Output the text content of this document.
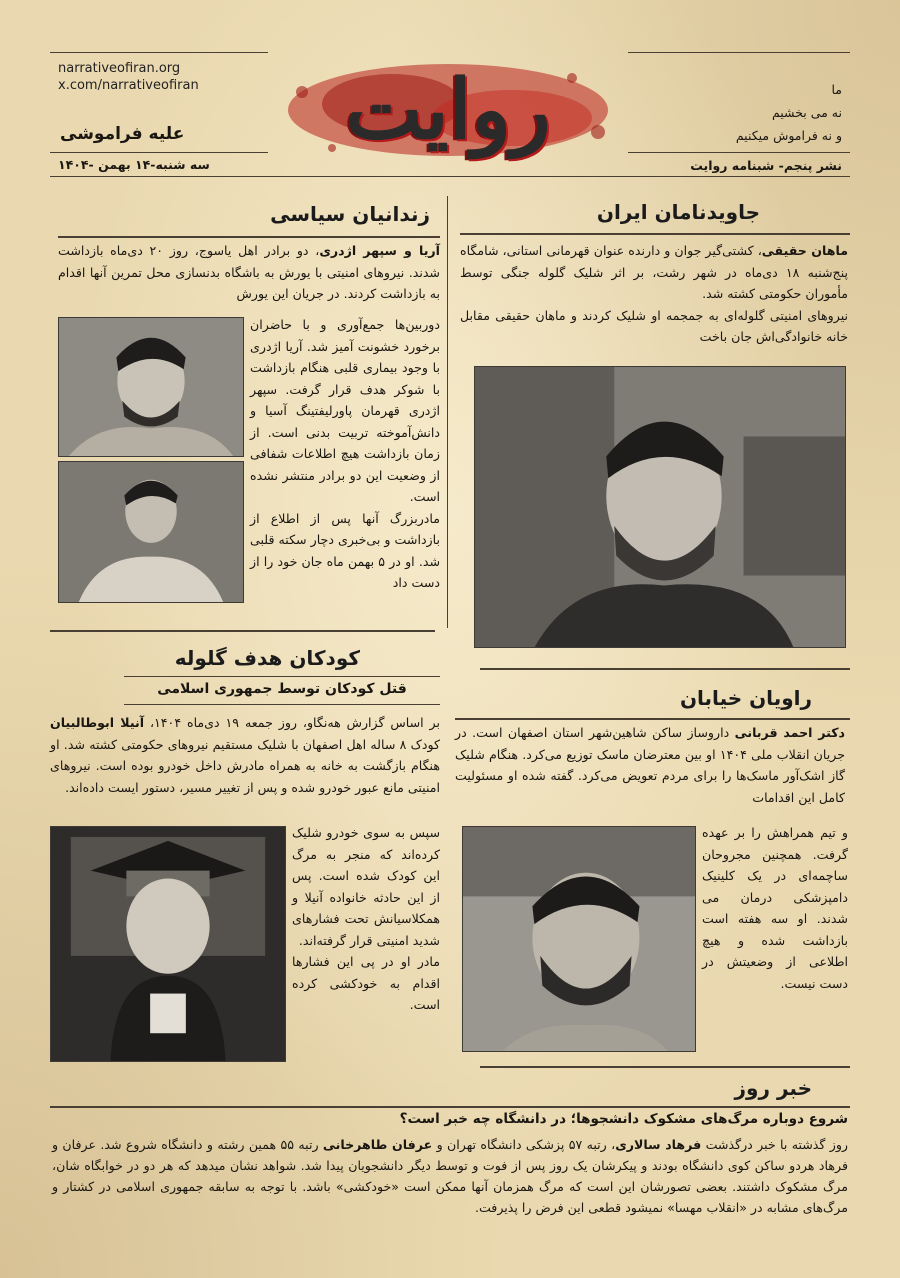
narrativeofiran.org
x.com/narrativeofiran
علیه فراموشی
سه شنبه-۱۴ بهمن -۱۴۰۴
روایت	ما
نه می بخشیم
و نه فراموش میکنیم
نشر پنجم- شبنامه روایت
جاویدنامان ایران
ماهان حقیقی، کشتی‌گیر جوان و دارنده عنوان قهرمانی استانی، شامگاه پنج‌شنبه ۱۸ دی‌ماه در شهر رشت، بر اثر شلیک گلوله جنگی توسط مأموران حکومتی کشته شد.
نیروهای امنیتی گلوله‌ای به جمجمه او شلیک کردند و ماهان حقیقی مقابل خانه خانوادگی‌اش جان باخت
زندانیان سیاسی
آریا و سپهر اژدری، دو برادر اهل یاسوج، روز ۲۰ دی‌ماه بازداشت شدند. نیروهای امنیتی با یورش به باشگاه بدنسازی محل تمرین آنها اقدام به بازداشت کردند. در جریان این یورش
دوربین‌ها جمع‌آوری و با حاضران برخورد خشونت آمیز شد. آریا اژدری با وجود بیماری قلبی هنگام بازداشت با شوکر هدف قرار گرفت. سپهر اژدری قهرمان پاورلیفتینگ آسیا و دانش‌آموخته تربیت بدنی است. از زمان بازداشت هیچ اطلاعات شفافی از وضعیت این دو برادر منتشر نشده است.
مادربزرگ آنها پس از اطلاع از بازداشت و بی‌خبری دچار سکته قلبی شد. او در ۵ بهمن ماه جان خود را از دست داد
کودکان هدف گلوله
قتل کودکان توسط جمهوری اسلامی
بر اساس گزارش هه‌نگاو، روز جمعه ۱۹ دی‌ماه ۱۴۰۴، آنیلا ابوطالبیان کودک ۸ ساله اهل اصفهان با شلیک مستقیم نیروهای حکومتی کشته شد. او هنگام بازگشت به خانه به همراه مادرش داخل خودرو بوده است. نیروهای امنیتی مانع عبور خودرو شده و پس از تغییر مسیر، دستور ایست داده‌اند.
سپس به سوی خودرو شلیک کرده‌اند که منجر به مرگ این کودک شده است. پس از این حادثه خانواده آنیلا و همکلاسیانش تحت فشارهای شدید امنیتی قرار گرفته‌اند.
مادر او در پی این فشارها اقدام به خودکشی کرده است.
راویان خیابان
دکتر احمد قربانی داروساز ساکن شاهین‌شهر استان اصفهان است. در جریان انقلاب ملی ۱۴۰۴ او بین معترضان ماسک توزیع می‌کرد. هنگام شلیک گاز اشک‌آور ماسک‌ها را برای مردم تعویض می‌کرد. گفته شده او مسئولیت کامل این اقدامات
و تیم همراهش را بر عهده گرفت. همچنین مجروحان ساچمه‌ای در یک کلینیک دامپزشکی درمان می شدند. او سه هفته است بازداشت شده و هیچ اطلاعی از وضعیتش در دست نیست.
خبر روز
شروع دوباره مرگ‌های مشکوک دانشجوها؛ در دانشگاه چه خبر است؟
روز گذشته با خبر درگذشت فرهاد سالاری، رتبه ۵۷ پزشکی دانشگاه تهران و عرفان طاهرخانی رتبه ۵۵ همین رشته و دانشگاه شروع شد. عرفان و فرهاد هردو ساکن کوی دانشگاه بودند و پیکرشان یک روز پس از فوت و توسط دیگر دانشجویان پیدا شد. شواهد نشان میدهد که هر دو در خوابگاه شان، مرگ مشکوک داشتند. بعضی تصورشان این است که مرگ همزمان آنها ممکن است «خودکشی» باشد. با توجه به سابقه جمهوری اسلامی در کشتار و مرگ‌های مشابه در «انقلاب مهسا» نمیشود قطعی این فرض را پذیرفت.
